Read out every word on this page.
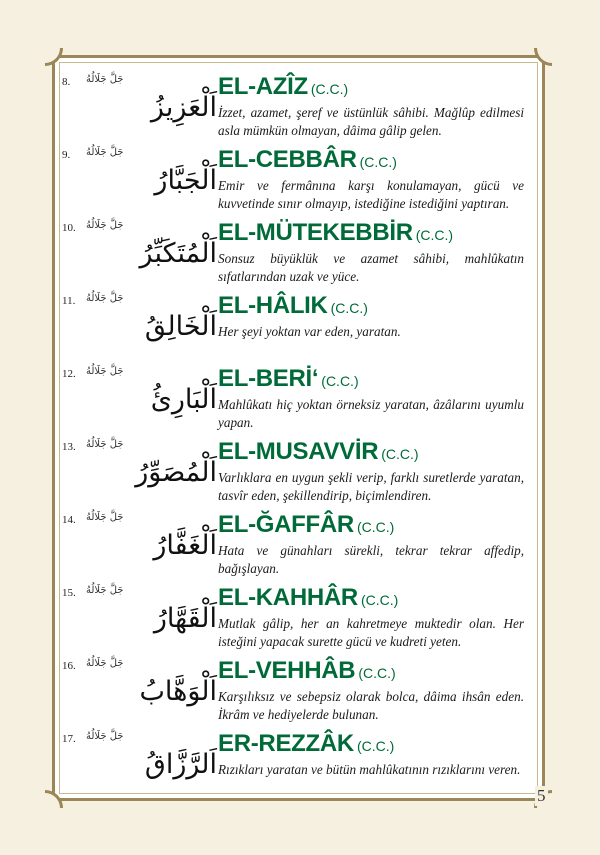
8. جَلَّ جَلَالُهُ
اَلْعَزِيزُ
EL-AZÎZ (C.C.)
İzzet, azamet, şeref ve üstünlük sâhibi. Mağlûp edilmesi asla mümkün olmayan, dâima gâlip gelen.
9. جَلَّ جَلَالُهُ
اَلْجَبَّارُ
EL-CEBBÂR (C.C.)
Emir ve fermânına karşı konulamayan, gücü ve kuvvetinde sınır olmayıp, istediğine istediğini yaptıran.
10. جَلَّ جَلَالُهُ
اَلْمُتَكَبِّرُ
EL-MÜTEKEBBİR (C.C.)
Sonsuz büyüklük ve azamet sâhibi, mahlûkatın sıfatlarından uzak ve yüce.
11. جَلَّ جَلَالُهُ
اَلْخَالِقُ
EL-HÂLIK (C.C.)
Her şeyi yoktan var eden, yaratan.
12. جَلَّ جَلَالُهُ
اَلْبَارِئُ
EL-BERİ‘ (C.C.)
Mahlûkatı hiç yoktan örneksiz yaratan, âzâlarını uyumlu yapan.
13. جَلَّ جَلَالُهُ
اَلْمُصَوِّرُ
EL-MUSAVVİR (C.C.)
Varlıklara en uygun şekli verip, farklı suretlerde yaratan, tasvîr eden, şekillendirip, biçimlendiren.
14. جَلَّ جَلَالُهُ
اَلْغَفَّارُ
EL-ĞAFFÂR (C.C.)
Hata ve günahları sürekli, tekrar tekrar affedip, bağışlayan.
15. جَلَّ جَلَالُهُ
اَلْقَهَّارُ
EL-KAHHÂR (C.C.)
Mutlak gâlip, her an kahretmeye muktedir olan. Her isteğini yapacak surette gücü ve kudreti yeten.
16. جَلَّ جَلَالُهُ
اَلْوَهَّابُ
EL-VEHHÂB (C.C.)
Karşılıksız ve sebepsiz olarak bolca, dâima ihsân eden. İkrâm ve hediyelerde bulunan.
17. جَلَّ جَلَالُهُ
اَلرَّزَّاقُ
ER-REZZÂK (C.C.)
Rızıkları yaratan ve bütün mahlûkatının rızıklarını veren.
5
